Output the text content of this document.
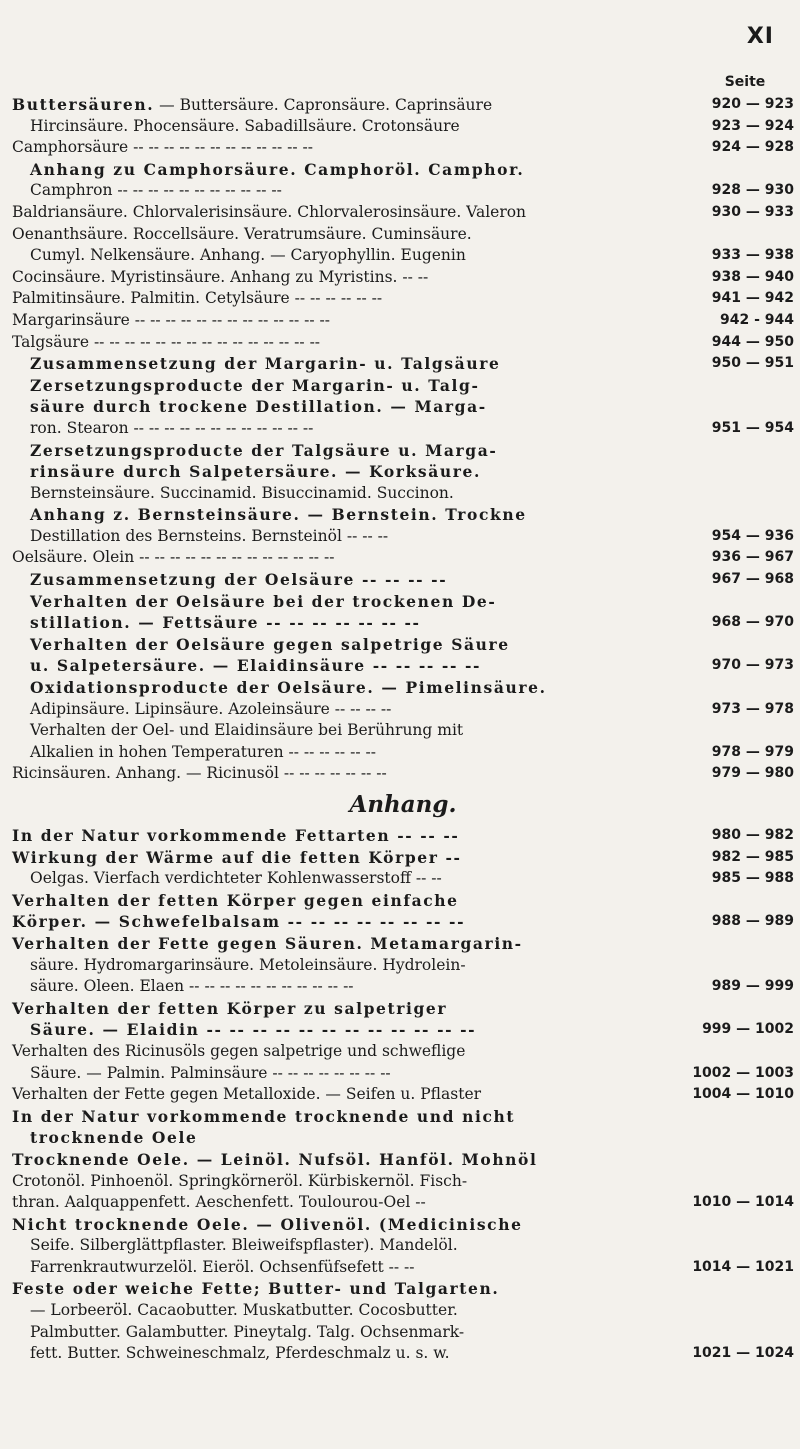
XI
Seite
Buttersäuren. — Buttersäure. Capronsäure. Caprinsäure	920 — 923
Hircinsäure. Phocensäure. Sabadillsäure. Crotonsäure	923 — 924
Camphorsäure -- -- -- -- -- -- -- -- -- -- -- --	924 — 928
Anhang zu Camphorsäure. Camphoröl. Camphor.
Camphron -- -- -- -- -- -- -- -- -- -- --	928 — 930
Baldriansäure. Chlorvalerisinsäure. Chlorvalerosinsäure. Valeron	930 — 933
Oenanthsäure. Roccellsäure. Veratrumsäure. Cuminsäure.
Cumyl. Nelkensäure. Anhang. — Caryophyllin. Eugenin	933 — 938
Cocinsäure. Myristinsäure. Anhang zu Myristins. -- --	938 — 940
Palmitinsäure. Palmitin. Cetylsäure -- -- -- -- -- --	941 — 942
Margarinsäure -- -- -- -- -- -- -- -- -- -- -- -- --	942 - 944
Talgsäure -- -- -- -- -- -- -- -- -- -- -- -- -- -- --	944 — 950
Zusammensetzung der Margarin- u. Talgsäure	950 — 951
Zersetzungsproducte der Margarin- u. Talg-
säure durch trockene Destillation. — Marga-
ron. Stearon -- -- -- -- -- -- -- -- -- -- -- --	951 — 954
Zersetzungsproducte der Talgsäure u. Marga-
rinsäure durch Salpetersäure. — Korksäure.
Bernsteinsäure. Succinamid. Bisuccinamid. Succinon.
Anhang z. Bernsteinsäure. — Bernstein. Trockne
Destillation des Bernsteins. Bernsteinöl -- -- --	954 — 936
Oelsäure. Olein -- -- -- -- -- -- -- -- -- -- -- -- --	936 — 967
Zusammensetzung der Oelsäure -- -- -- --	967 — 968
Verhalten der Oelsäure bei der trockenen De-
stillation. — Fettsäure -- -- -- -- -- -- --	968 — 970
Verhalten der Oelsäure gegen salpetrige Säure
u. Salpetersäure. — Elaidinsäure -- -- -- -- --	970 — 973
Oxidationsproducte der Oelsäure. — Pimelinsäure.
Adipinsäure. Lipinsäure. Azoleinsäure -- -- -- --	973 — 978
Verhalten der Oel- und Elaidinsäure bei Berührung mit
Alkalien in hohen Temperaturen -- -- -- -- -- --	978 — 979
Ricinsäuren. Anhang. — Ricinusöl -- -- -- -- -- -- --	979 — 980
Anhang.
In der Natur vorkommende Fettarten -- -- --	980 — 982
Wirkung der Wärme auf die fetten Körper --	982 — 985
Oelgas. Vierfach verdichteter Kohlenwasserstoff -- --	985 — 988
Verhalten der fetten Körper gegen einfache
Körper. — Schwefelbalsam -- -- -- -- -- -- -- --	988 — 989
Verhalten der Fette gegen Säuren. Metamargarin-
säure. Hydromargarinsäure. Metoleinsäure. Hydrolein-
säure. Oleen. Elaen -- -- -- -- -- -- -- -- -- -- --	989 — 999
Verhalten der fetten Körper zu salpetriger
Säure. — Elaidin -- -- -- -- -- -- -- -- -- -- -- --	999 — 1002
Verhalten des Ricinusöls gegen salpetrige und schweflige
Säure. — Palmin. Palminsäure -- -- -- -- -- -- -- --	1002 — 1003
Verhalten der Fette gegen Metalloxide. — Seifen u. Pflaster	1004 — 1010
In der Natur vorkommende trocknende und nicht
trocknende Oele
Trocknende Oele. — Leinöl. Nufsöl. Hanföl. Mohnöl
Crotonöl. Pinhoenöl. Springkörneröl. Kürbiskernöl. Fisch-
thran. Aalquappenfett. Aeschenfett. Toulourou-Oel --	1010 — 1014
Nicht trocknende Oele. — Olivenöl. (Medicinische
Seife. Silberglättpflaster. Bleiweifspflaster). Mandelöl.
Farrenkrautwurzelöl. Eieröl. Ochsenfüfsefett -- --	1014 — 1021
Feste oder weiche Fette; Butter- und Talgarten.
— Lorbeeröl. Cacaobutter. Muskatbutter. Cocosbutter.
Palmbutter. Galambutter. Pineytalg. Talg. Ochsenmark-
fett. Butter. Schweineschmalz, Pferdeschmalz u. s. w.	1021 — 1024
